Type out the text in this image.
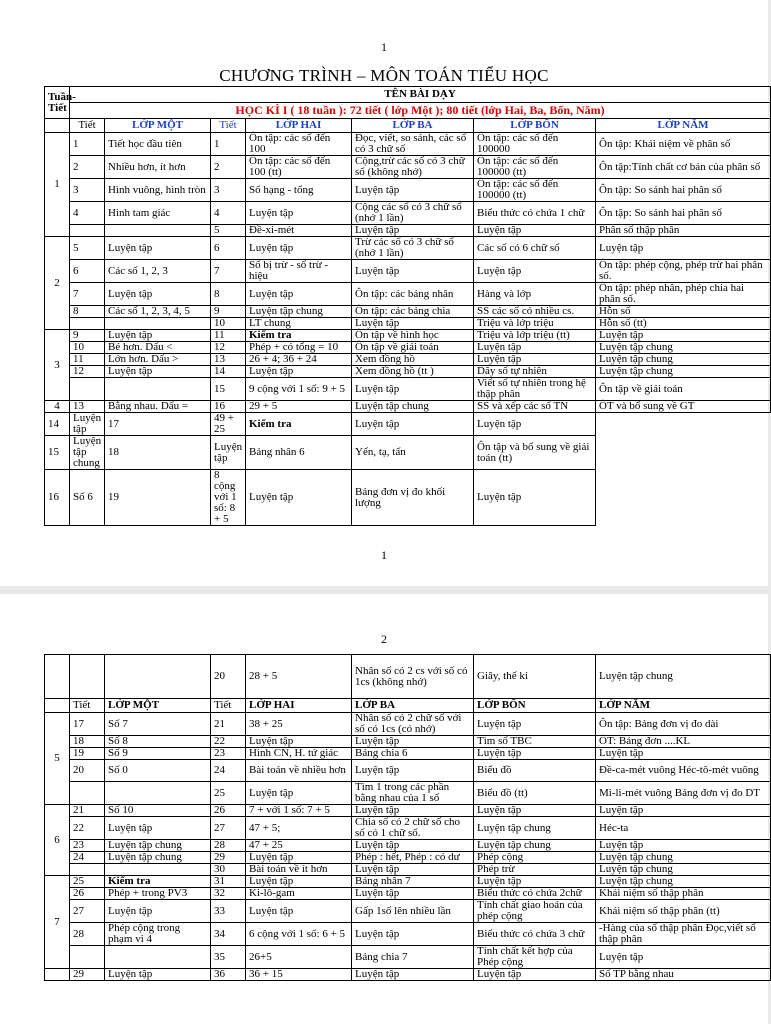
1
CHƯƠNG TRÌNH – MÔN TOÁN TIỂU HỌC
Tuần-Tiết	TÊN BÀI DẠY						
	HỌC KÌ I ( 18 tuần ): 72 tiết ( lớp Một ); 80 tiết (lớp Hai, Ba, Bốn, Năm)						
	Tiết	LỚP MỘT	Tiết	LỚP HAI	LỚP BA	LỚP BỐN	LỚP NĂM
1	1	Tiết học đầu tiên	1	Ôn tập: các số đến 100	Đọc, viết, so sánh, các số có 3 chữ số	Ôn tập: các số đến 100000	Ôn tập: Khái niệm về phân số
	2	Nhiều hơn, ít hơn	2	Ôn tập: các số đến 100 (tt)	Cộng,trừ các số có 3 chữ số (không nhớ)	Ôn tập: các số đến 100000 (tt)	Ôn tập:Tính chất cơ bản của phân số
	3	Hình vuông, hình tròn	3	Số hạng - tổng	Luyện tập	Ôn tập: các số đến 100000 (tt)	Ôn tập: So sánh hai phân số
	4	Hình tam giác	4	Luyện tập	Cộng các số có 3 chữ số (nhớ 1 lần)	Biểu thức có chứa 1 chữ	Ôn tập: So sánh hai phân số
			5	Đề-xi-mét	Luyện tập	Luyện tập	Phân số thập phân
2	5	Luyện tập	6	Luyện tập	Trừ các số có 3 chữ số (nhớ 1 lần)	Các số có 6 chữ số	Luyện tập
	6	Các số 1, 2, 3	7	Số bị trừ - số trừ - hiệu	Luyện tập	Luyện tập	Ôn tập: phép cộng, phép trừ hai phân số.
	7	Luyện tập	8	Luyện tập	Ôn tập: các bảng nhân	Hàng và lớp	Ôn tập: phép nhân, phép chia hai phân số.
	8	Các số 1, 2, 3, 4, 5	9	Luyện tập chung	Ôn tập: các bảng chia	SS các số có nhiều cs.	Hỗn số
			10	LT chung	Luyện tập	Triệu và lớp triệu	Hỗn số (tt)
3	9	Luyện tập	11	Kiểm tra	Ôn tập về hình học	Triệu và lớp triệu (tt)	Luyện tập
	10	Bé hơn. Dấu <	12	Phép + có tổng = 10	Ôn tập về giải toán	Luyện tập	Luyện tập chung
	11	Lớn hơn. Dấu >	13	26 + 4; 36 + 24	Xem đồng hồ	Luyện tập	Luyện tập chung
	12	Luyện tập	14	Luyện tập	Xem đồng hồ (tt )	Dãy số tự nhiên	Luyện tập chung
			15	9 cộng với 1 số: 9 + 5	Luyện tập	Viết số tự nhiên trong hệ thập phân	Ôn tập về giải toán
4	13	Bằng nhau. Dấu =	16	29 + 5	Luyện tập chung	SS và xếp các số TN	ÔT và bổ sung về GT
14	Luyện tập	17	49 + 25	Kiểm tra	Luyện tập	Luyện tập	
15	Luyện tập chung	18	Luyện tập	Bảng nhân 6	Yến, tạ, tấn	Ôn tập và bổ sung về giải toán (tt)	
16	Số 6	19	8 cộng với 1 số: 8 + 5	Luyện tập	Bảng đơn vị đo khối lượng	Luyện tập	
1
2
			20	28 + 5	Nhân số có 2 cs với số có 1cs (không nhớ)	Giây, thế kỉ	Luyện tập chung
	Tiết	LỚP MỘT	Tiết	LỚP HAI	LỚP BA	LỚP BỐN	LỚP NĂM
5	17	Số 7	21	38 + 25	Nhân số có 2 chữ số với số có 1cs (có nhớ)	Luyện tập	Ôn tập: Bảng đơn vị đo dài
	18	Số 8	22	Luyện tập	Luyện tập	Tìm số TBC	ÔT: Bảng đơn ....KL
	19	Số 9	23	Hình CN, H. tứ giác	Bảng chia 6	Luyện tập	Luyện tập
	20	Số 0	24	Bài toán về nhiều hơn	Luyện tập	Biểu đồ	Đề-ca-mét vuông Héc-tô-mét vuông
			25	Luyện tập	Tìm 1 trong các phần bằng nhau của 1 số	Biểu đồ (tt)	Mi-li-mét vuông Bảng đơn vị đo DT
6	21	Số 10	26	7 + với 1 số: 7 + 5	Luyện tập	Luyện tập	Luyện tập
	22	Luyện tập	27	47 + 5;	Chia số có 2 chữ số cho số có 1 chữ số.	Luyện tập chung	Héc-ta
	23	Luyện tập chung	28	47 + 25	Luyện tập	Luyện tập chung	Luyện tập
	24	Luyện tập chung	29	Luyện tập	Phép : hết, Phép : có dư	Phép cộng	Luyện tập chung
			30	Bài toán về ít hơn	Luyện tập	Phép trừ	Luyện tập chung
7	25	Kiểm tra	31	Luyện tập	Bảng nhân 7	Luyện tập	Luyện tập chung
	26	Phép + trong PV3	32	Ki-lô-gam	Luyện tập	Biểu thức có chứa 2chữ	Khái niệm số thập phân
	27	Luyện tập	33	Luyện tập	Gấp 1số lên nhiều lần	Tính chất giao hoán của phép cộng	Khái niệm số thập phân (tt)
	28	Phép cộng trong phạm vi 4	34	6 cộng với 1 số: 6 + 5	Luyện tập	Biểu thức có chứa 3 chữ	-Hàng của số thập phân Đọc,viết số thập phân
			35	26+5	Bảng chia 7	Tính chất kết hợp của Phép cộng	Luyện tập
	29	Luyện tập	36	36 + 15	Luyện tập	Luyện tập	Số TP bằng nhau
